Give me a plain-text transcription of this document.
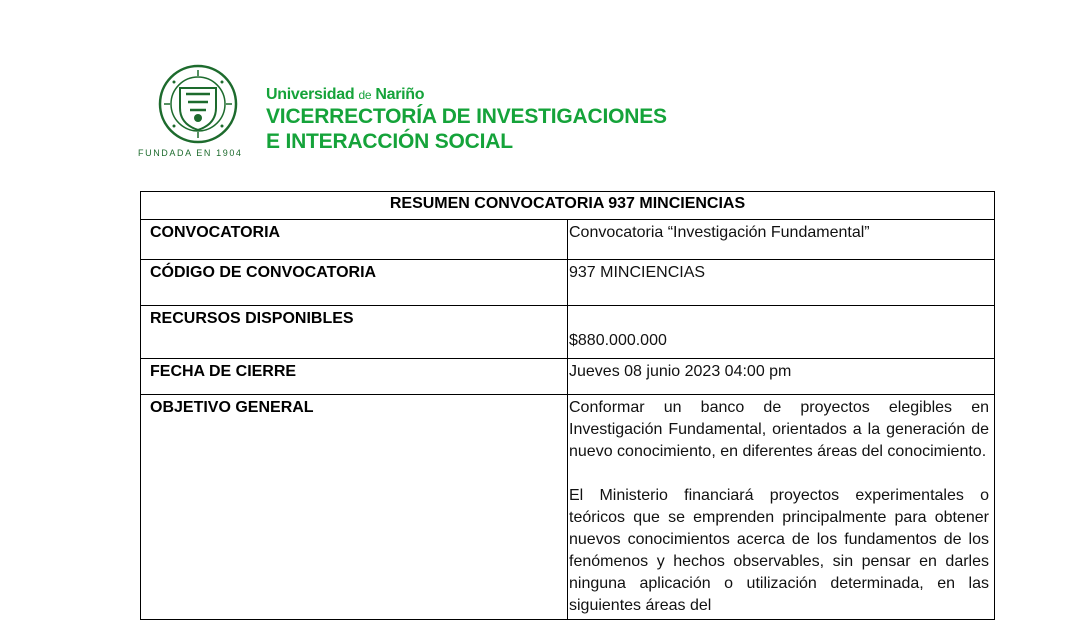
FUNDADA EN 1904
Universidad de Nariño
VICERRECTORÍA DE INVESTIGACIONES
E INTERACCIÓN SOCIAL
RESUMEN CONVOCATORIA 937 MINCIENCIAS	
CONVOCATORIA	Convocatoria “Investigación Fundamental”
CÓDIGO DE CONVOCATORIA	937 MINCIENCIAS
RECURSOS DISPONIBLES	$880.000.000

FECHA DE CIERRE	Jueves 08 junio 2023 04:00 pm
OBJETIVO GENERAL	Conformar un banco de proyectos elegibles en Investigación Fundamental, orientados a la generación de nuevo conocimiento, en diferentes áreas del conocimiento.

El Ministerio financiará proyectos experimentales o teóricos que se emprenden principalmente para obtener nuevos conocimientos acerca de los fundamentos de los fenómenos y hechos observables, sin pensar en darles ninguna aplicación o utilización determinada, en las siguientes áreas del
